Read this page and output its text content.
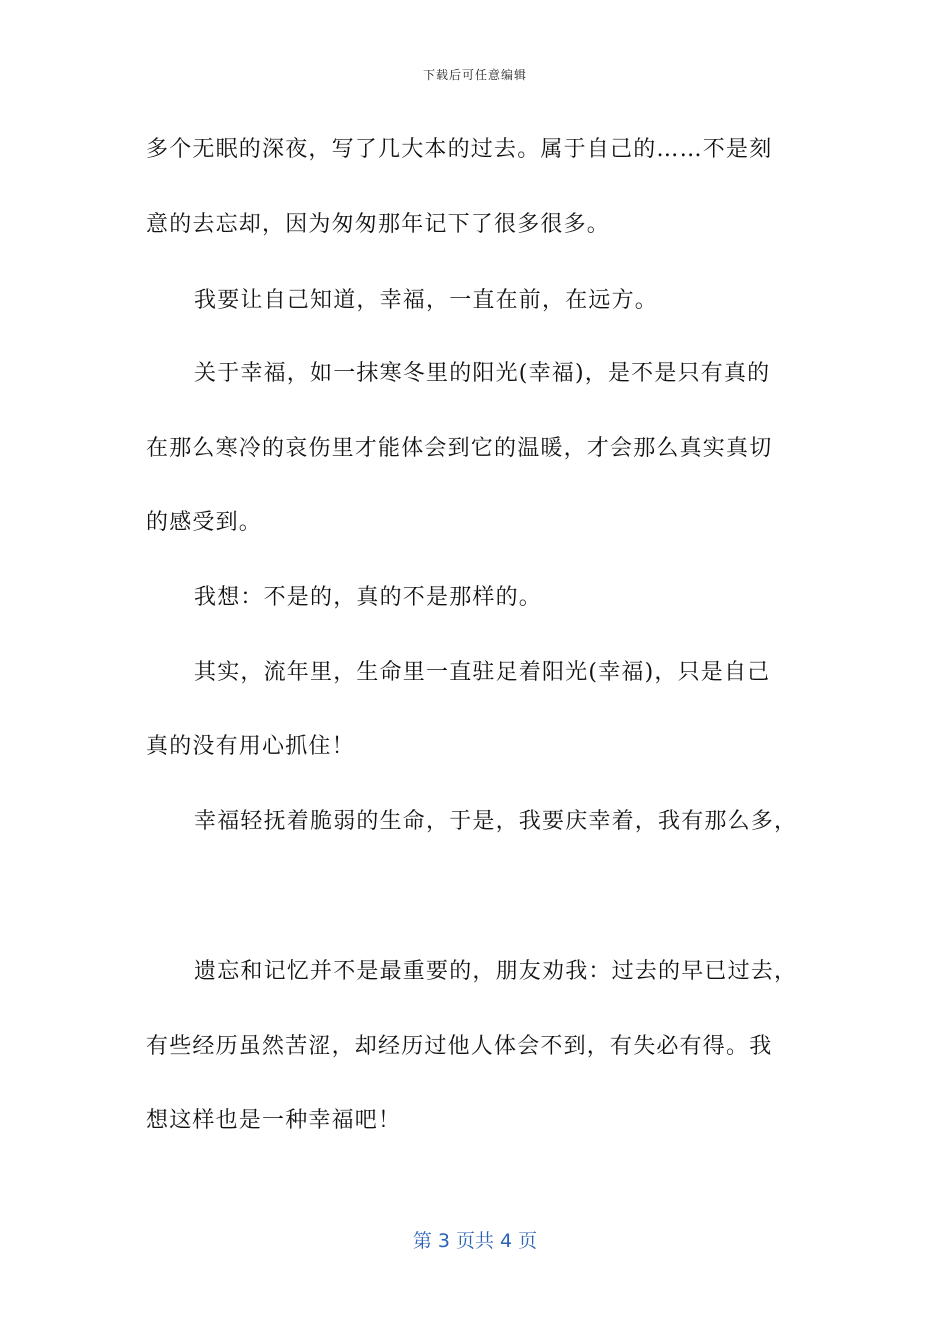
下载后可任意编辑
多个无眠的深夜，写了几大本的过去。属于自己的……不是刻
意的去忘却，因为匆匆那年记下了很多很多。
我要让自己知道，幸福，一直在前，在远方。
关于幸福，如一抹寒冬里的阳光(幸福)，是不是只有真的
在那么寒冷的哀伤里才能体会到它的温暖，才会那么真实真切
的感受到。
我想：不是的，真的不是那样的。
其实，流年里，生命里一直驻足着阳光(幸福)，只是自己
真的没有用心抓住！
幸福轻抚着脆弱的生命，于是，我要庆幸着，我有那么多，
遗忘和记忆并不是最重要的，朋友劝我：过去的早已过去，
有些经历虽然苦涩，却经历过他人体会不到，有失必有得。我
想这样也是一种幸福吧！
第 3 页共 4 页
